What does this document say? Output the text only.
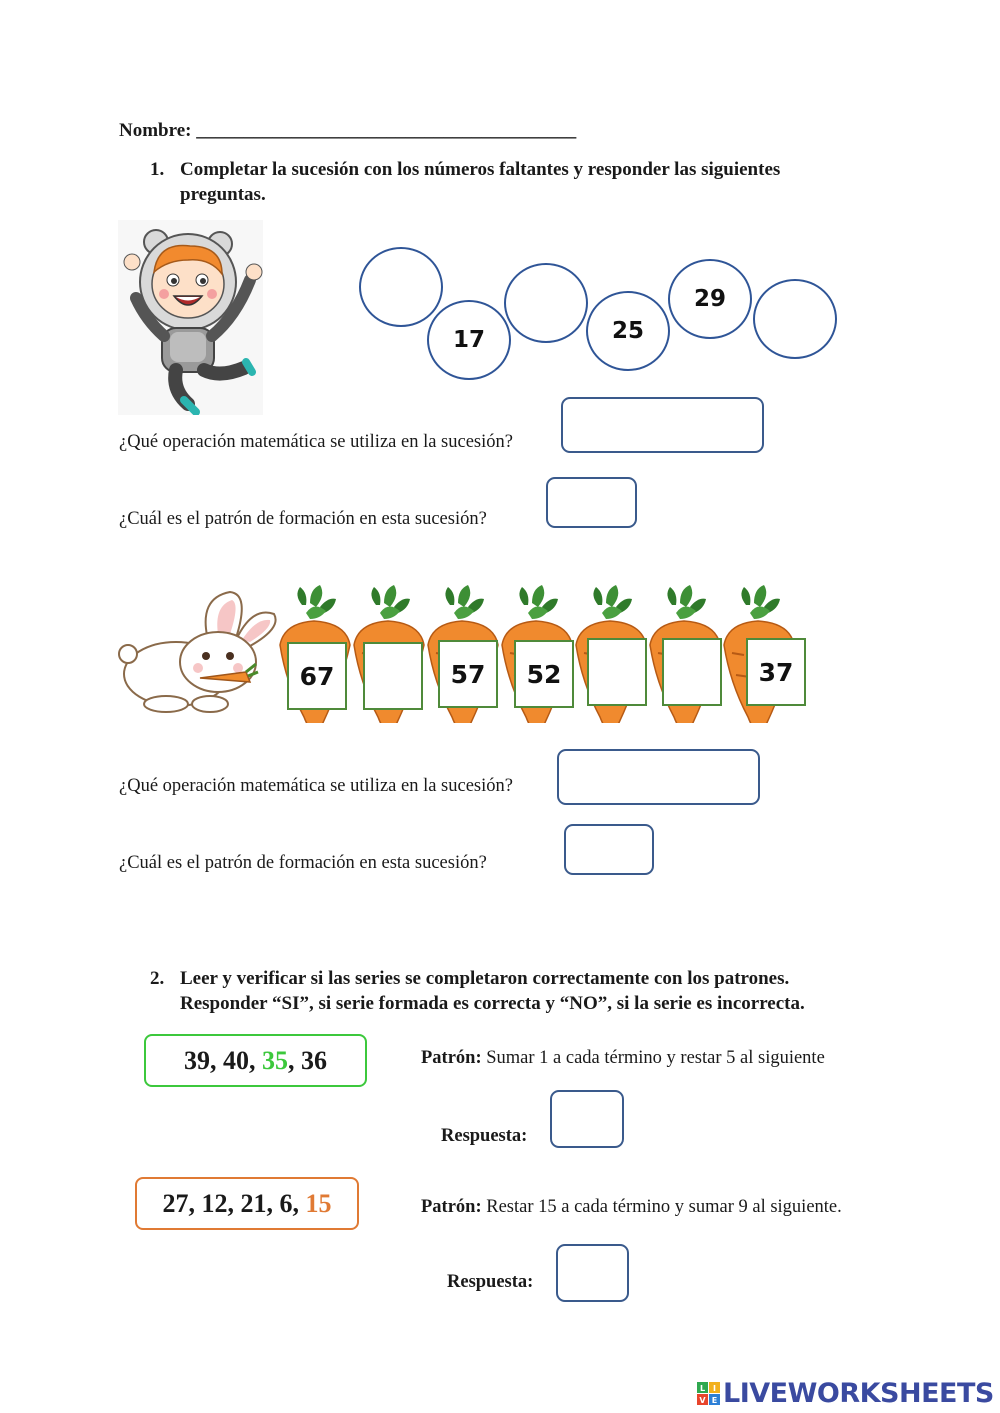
Nombre: ________________________________________
1. Completar la sucesión con los números faltantes y responder las siguientes
preguntas.
17	25
29
¿Qué operación matemática se utiliza en la sucesión?
¿Cuál es el patrón de formación en esta sucesión?
67	57	52	37
¿Qué operación matemática se utiliza en la sucesión?
¿Cuál es el patrón de formación en esta sucesión?
2. Leer y verificar si las series se completaron correctamente con los patrones.
Responder “SI”, si serie formada es correcta y “NO”, si la serie es incorrecta.
39, 40, 35 , 36	Patrón: Sumar 1 a cada término y restar 5 al siguiente
Respuesta:
27, 12, 21, 6, 15	Patrón: Restar 15 a cada término y sumar 9 al siguiente.
Respuesta:
L I
V E LIVEWORKSHEETS
